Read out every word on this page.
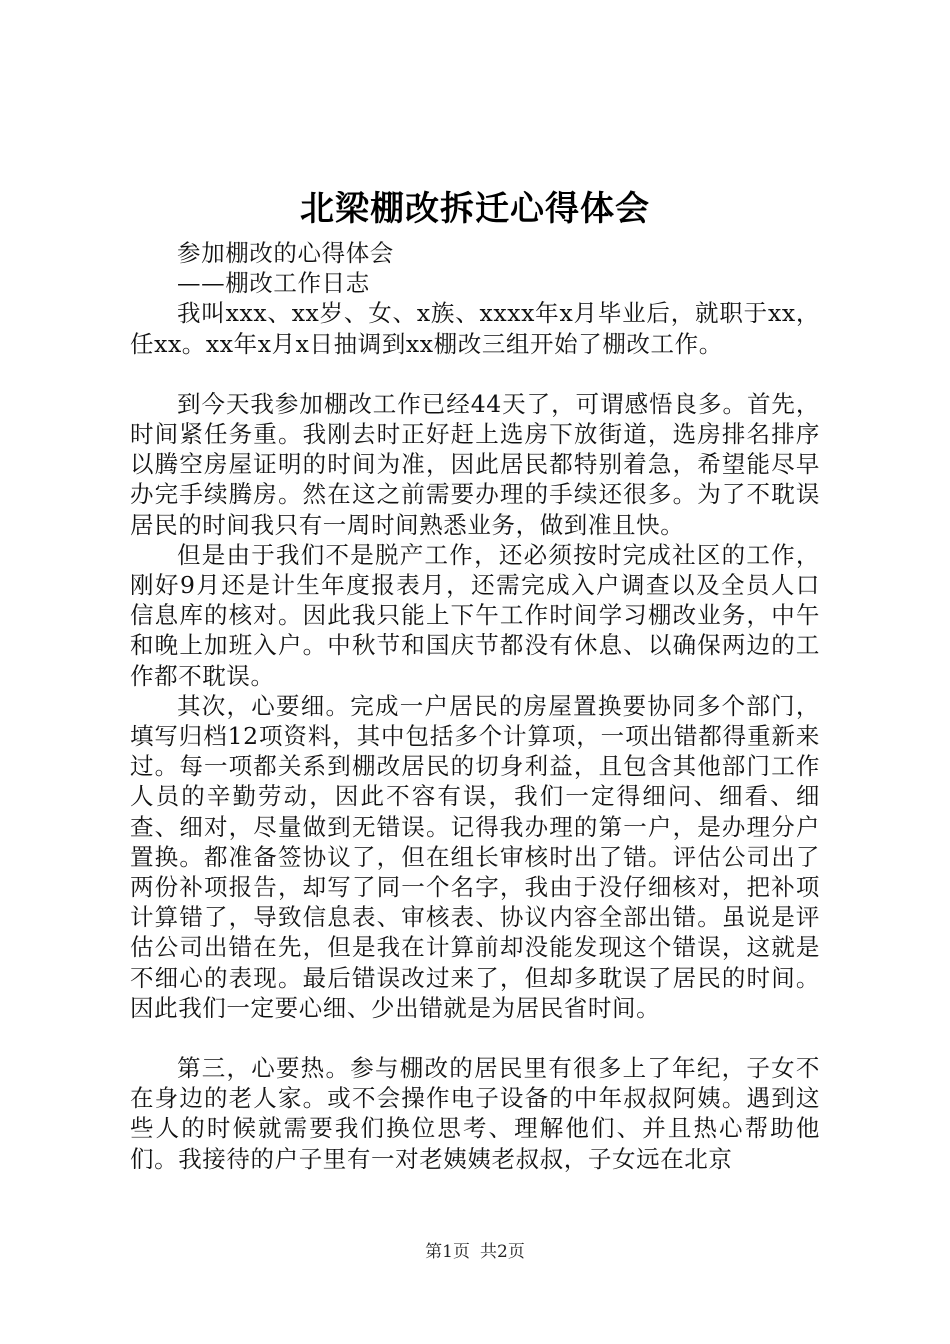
北梁棚改拆迁心得体会

参加棚改的心得体会

——棚改工作日志

我叫xxx、xx岁、女、x族、xxxx年x月毕业后，就职于xx，任xx。xx年x月x日抽调到xx棚改三组开始了棚改工作。

到今天我参加棚改工作已经44天了，可谓感悟良多。首先，时间紧任务重。我刚去时正好赶上选房下放街道，选房排名排序以腾空房屋证明的时间为准，因此居民都特别着急，希望能尽早办完手续腾房。然在这之前需要办理的手续还很多。为了不耽误居民的时间我只有一周时间熟悉业务，做到准且快。

但是由于我们不是脱产工作，还必须按时完成社区的工作，刚好9月还是计生年度报表月，还需完成入户调查以及全员人口信息库的核对。因此我只能上下午工作时间学习棚改业务，中午和晚上加班入户。中秋节和国庆节都没有休息、以确保两边的工作都不耽误。

其次，心要细。完成一户居民的房屋置换要协同多个部门，填写归档12项资料，其中包括多个计算项，一项出错都得重新来过。每一项都关系到棚改居民的切身利益，且包含其他部门工作人员的辛勤劳动，因此不容有误，我们一定得细问、细看、细查、细对，尽量做到无错误。记得我办理的第一户，是办理分户置换。都准备签协议了，但在组长审核时出了错。评估公司出了两份补项报告，却写了同一个名字，我由于没仔细核对，把补项计算错了，导致信息表、审核表、协议内容全部出错。虽说是评估公司出错在先，但是我在计算前却没能发现这个错误，这就是不细心的表现。最后错误改过来了，但却多耽误了居民的时间。因此我们一定要心细、少出错就是为居民省时间。

第三，心要热。参与棚改的居民里有很多上了年纪，子女不在身边的老人家。或不会操作电子设备的中年叔叔阿姨。遇到这些人的时候就需要我们换位思考、理解他们、并且热心帮助他们。我接待的户子里有一对老姨姨老叔叔，子女远在北京

第1页 共2页
